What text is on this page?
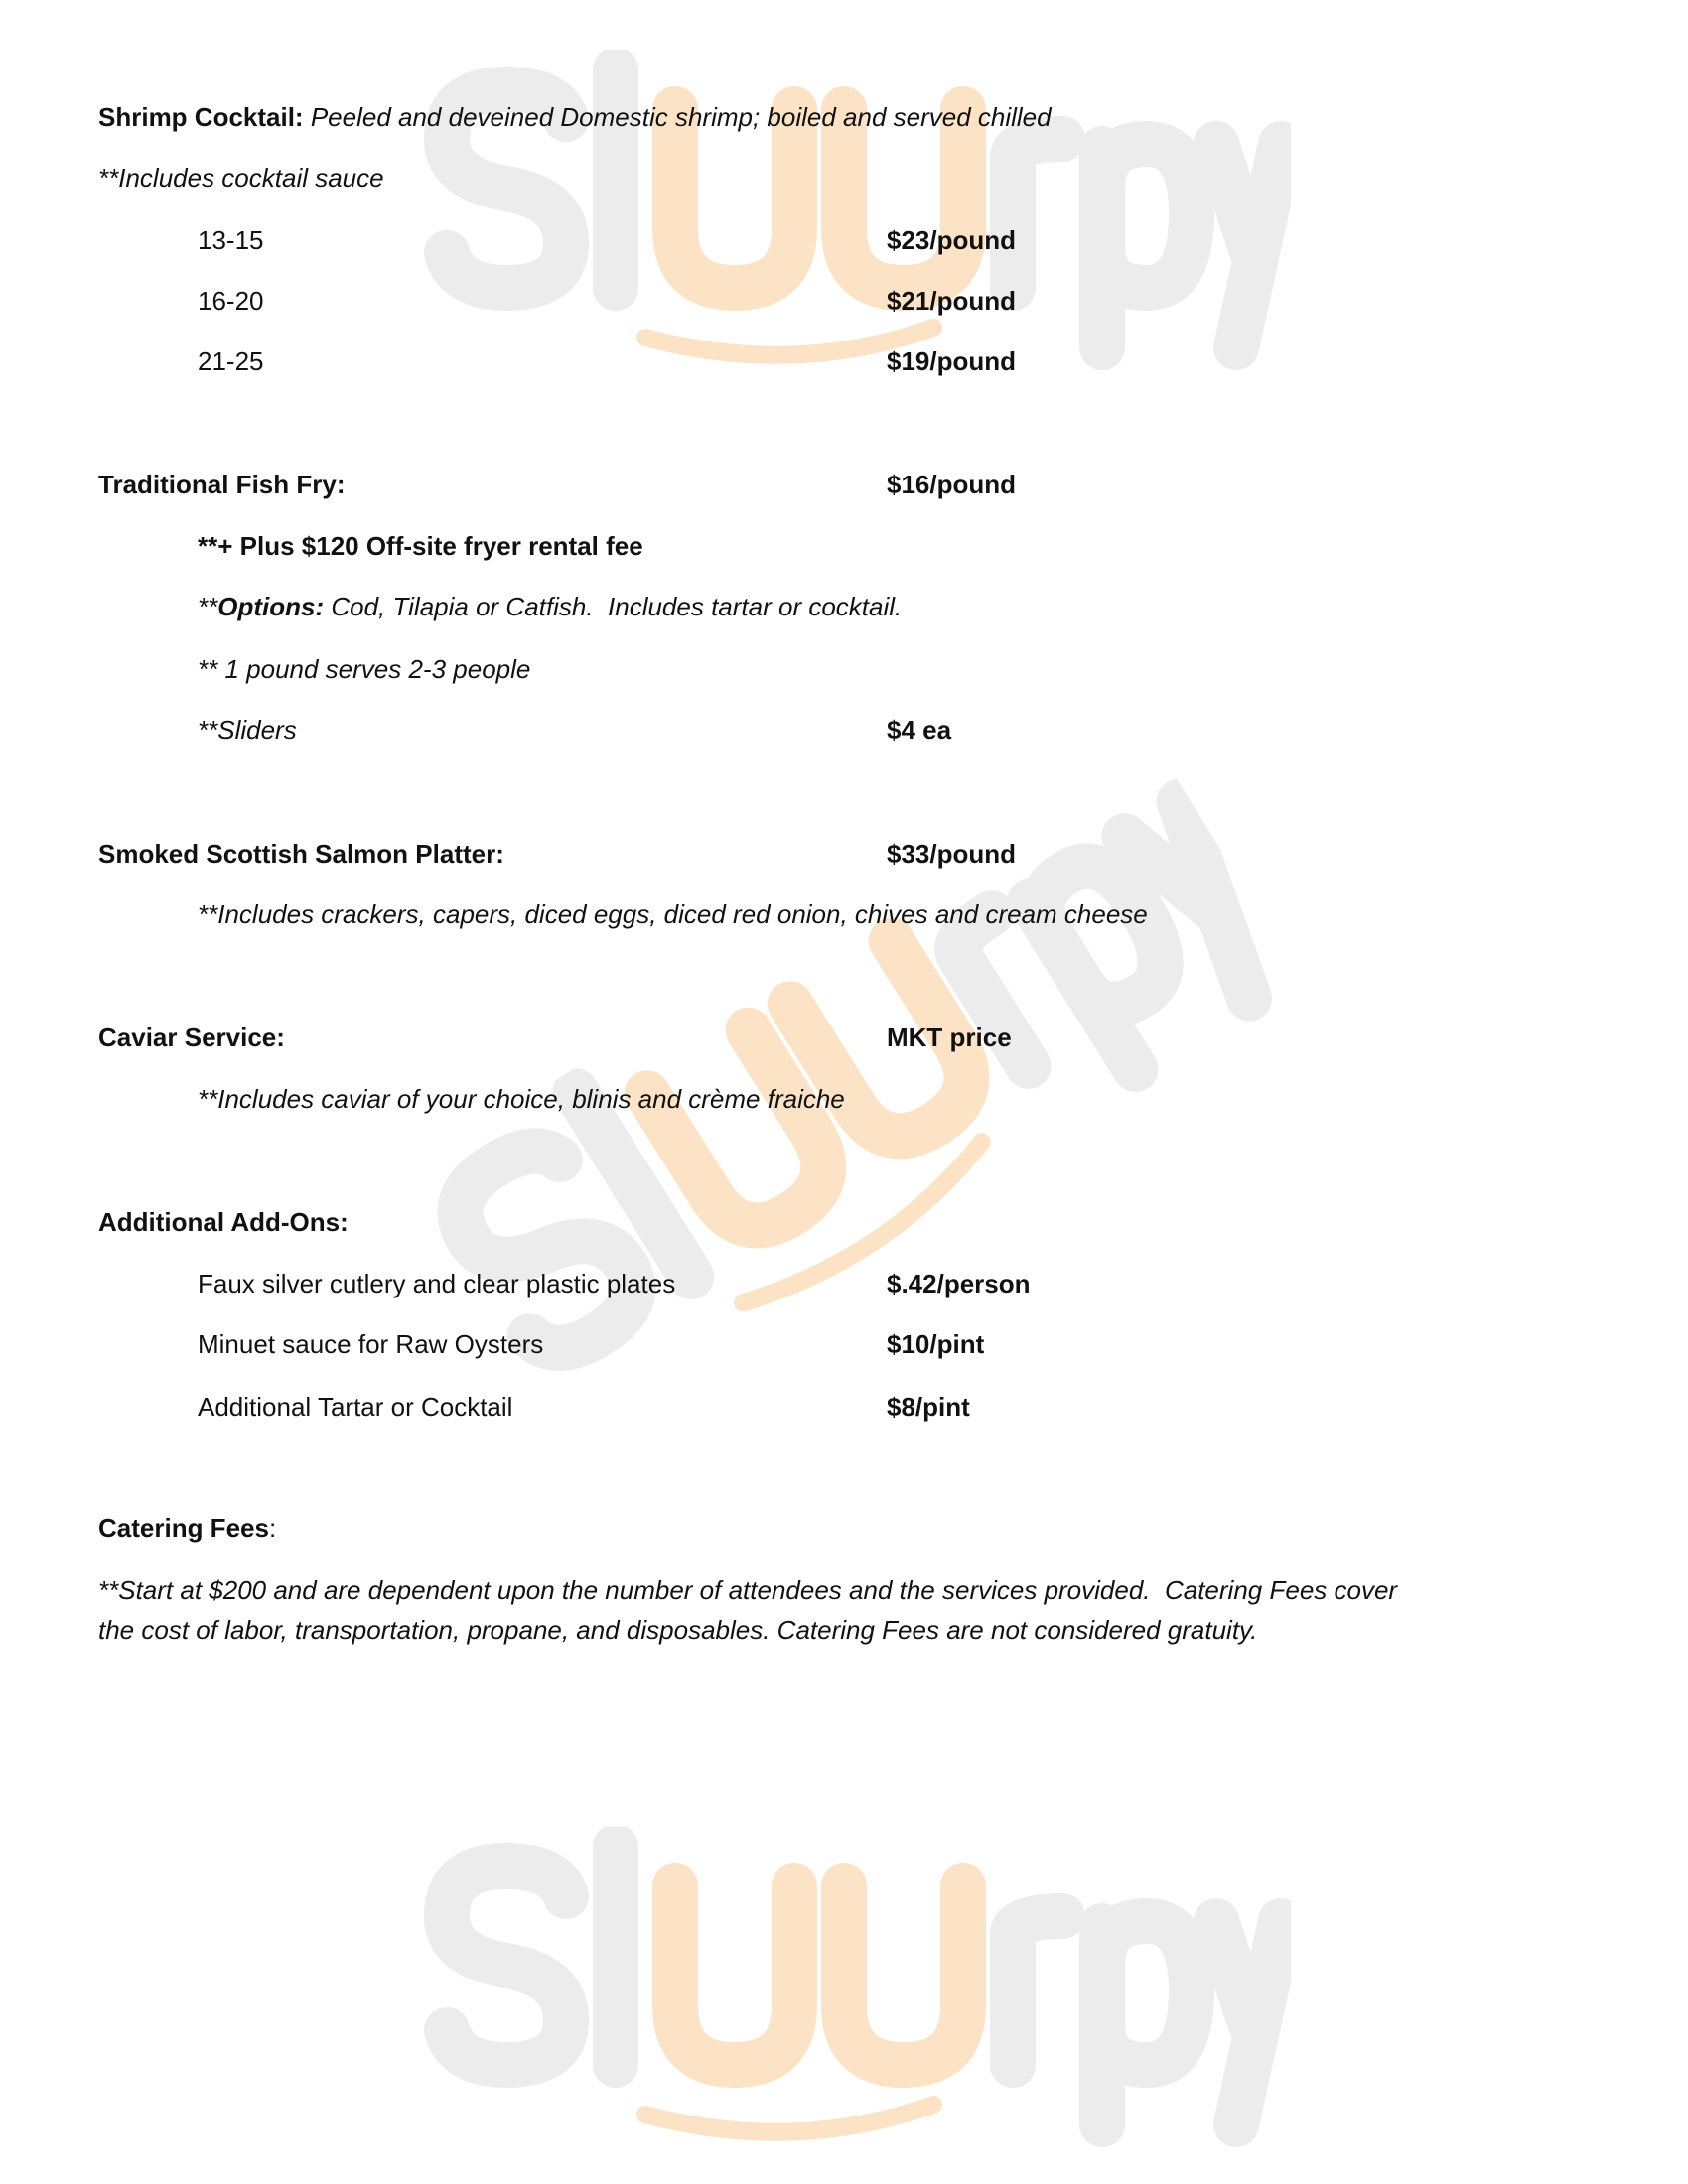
Shrimp Cocktail: Peeled and deveined Domestic shrimp; boiled and served chilled
**Includes cocktail sauce
13-15	$23/pound
16-20	$21/pound
21-25	$19/pound
Traditional Fish Fry:	$16/pound
**+ Plus $120 Off-site fryer rental fee
**Options: Cod, Tilapia or Catfish.  Includes tartar or cocktail.
** 1 pound serves 2-3 people
**Sliders	$4 ea
Smoked Scottish Salmon Platter:	$33/pound
**Includes crackers, capers, diced eggs, diced red onion, chives and cream cheese
Caviar Service:	MKT price
**Includes caviar of your choice, blinis and crème fraiche
Additional Add-Ons:
Faux silver cutlery and clear plastic plates	$.42/person
Minuet sauce for Raw Oysters	$10/pint
Additional Tartar or Cocktail	$8/pint
Catering Fees:
**Start at $200 and are dependent upon the number of attendees and the services provided.  Catering Fees cover
the cost of labor, transportation, propane, and disposables. Catering Fees are not considered gratuity.
